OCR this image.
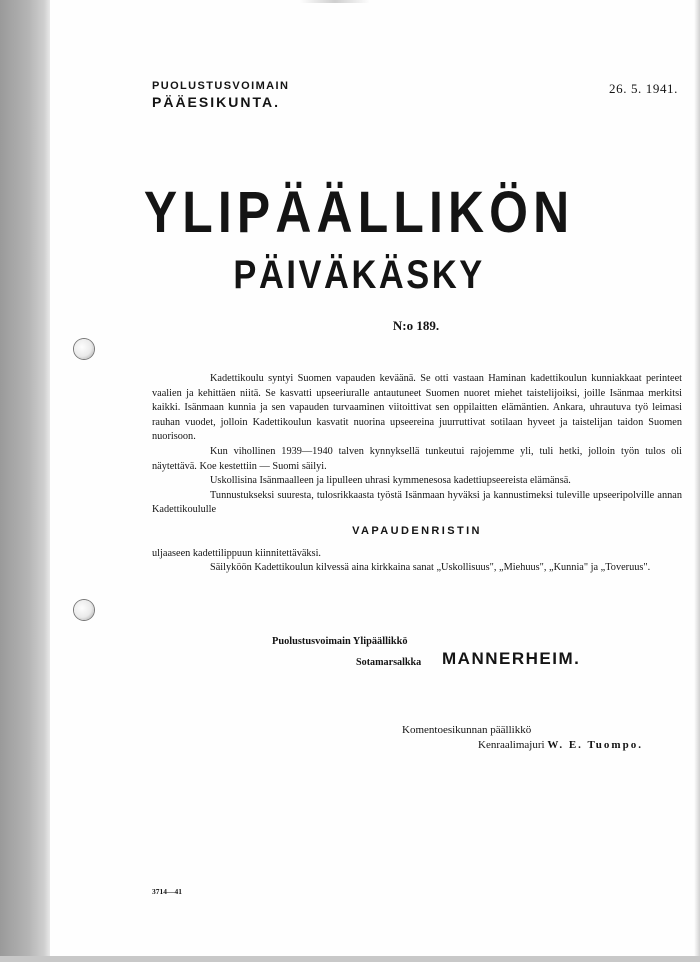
PUOLUSTUSVOIMAIN
PÄÄESIKUNTA.
26. 5. 1941.
YLIPÄÄLLIKÖN
PÄIVÄKÄSKY
N:o 189.

Kadettikoulu syntyi Suomen vapauden keväänä. Se otti vastaan Haminan kadettikoulun kunniakkaat perinteet vaalien ja kehittäen niitä. Se kasvatti upseeriuralle antautuneet Suomen nuoret miehet taistelijoiksi, joille Isänmaa merkitsi kaikki. Isänmaan kunnia ja sen vapauden turvaaminen viitoittivat sen oppilaitten elämäntien. Ankara, uhrautuva työ leimasi rauhan vuodet, jolloin Kadettikoulun kasvatit nuorina upseereina juurruttivat sotilaan hyveet ja taistelijan taidon Suomen nuorisoon.

Kun vihollinen 1939—1940 talven kynnyksellä tunkeutui rajojemme yli, tuli hetki, jolloin työn tulos oli näytettävä. Koe kestettiin — Suomi säilyi.

Uskollisina Isänmaalleen ja lipulleen uhrasi kymmenesosa kadettiupseereista elämänsä.

Tunnustukseksi suuresta, tulosrikkaasta työstä Isänmaan hyväksi ja kannustimeksi tuleville upseeripolville annan Kadettikoululle

VAPAUDENRISTIN

uljaaseen kadettilippuun kiinnitettäväksi.

Säilyköön Kadettikoulun kilvessä aina kirkkaina sanat „Uskollisuus", „Miehuus", „Kunnia" ja „Toveruus".

Puolustusvoimain Ylipäällikkö
Sotamarsalkka	MANNERHEIM.
Komentoesikunnan päällikkö
Kenraalimajuri W. E. Tuompo.
3714—41
